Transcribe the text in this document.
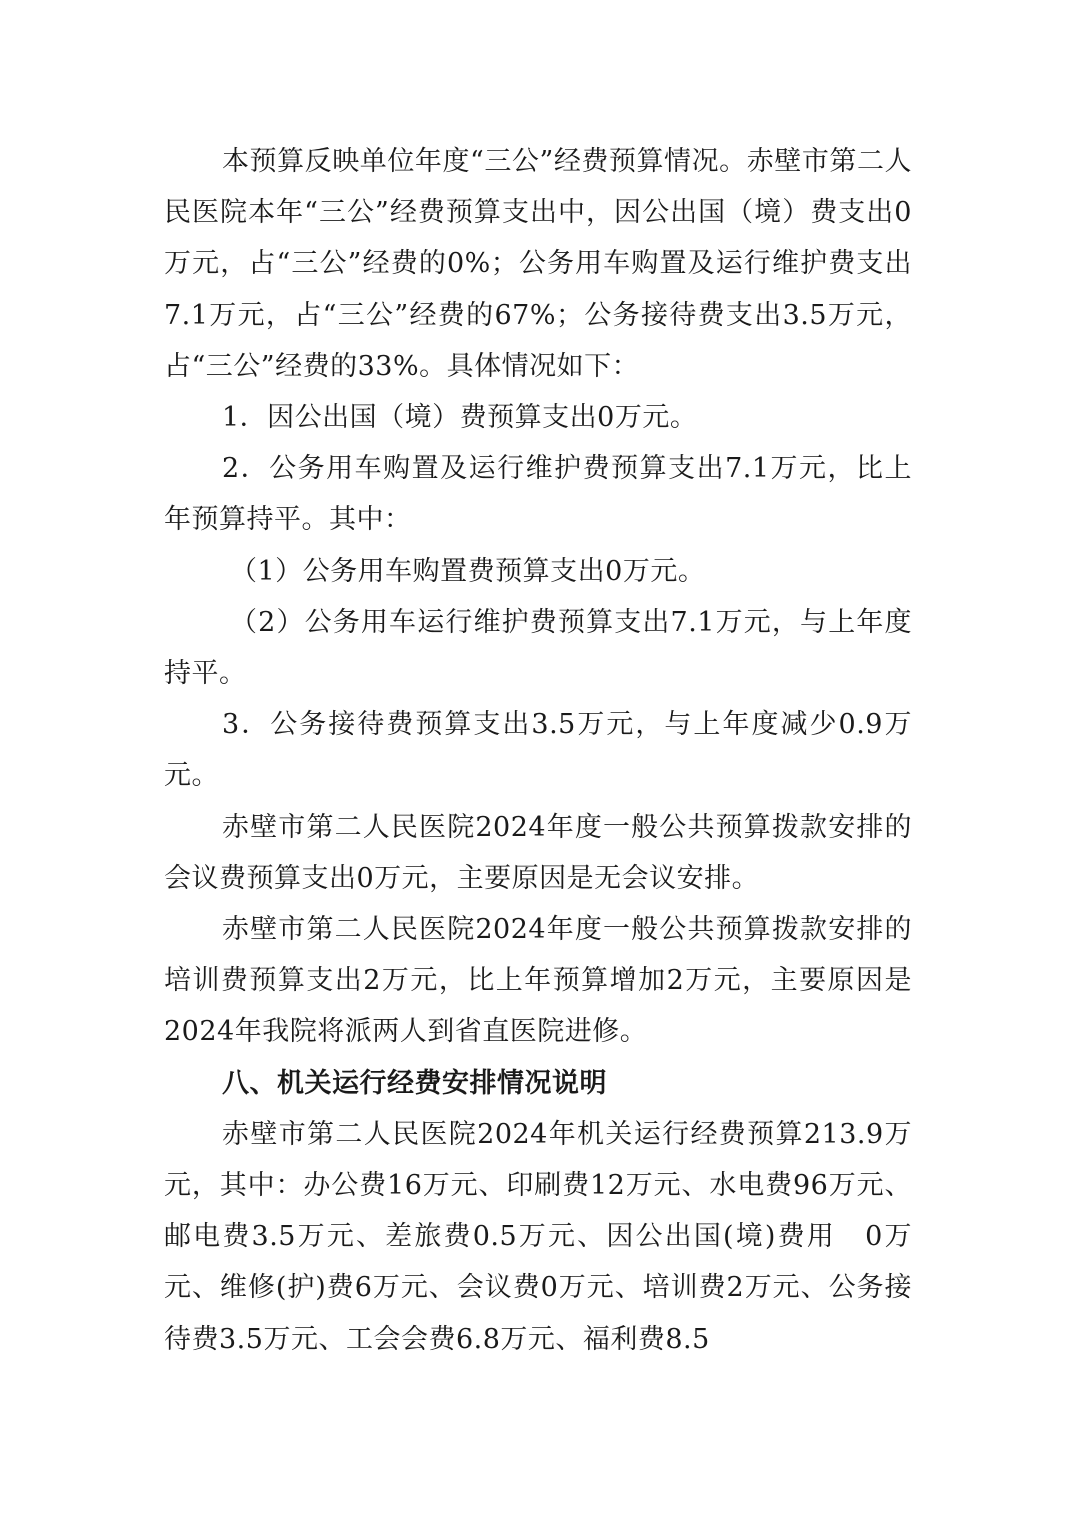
本预算反映单位年度“三公”经费预算情况。赤壁市第二人民医院本年“三公”经费预算支出中，因公出国（境）费支出0万元，占“三公”经费的0%；公务用车购置及运行维护费支出7.1万元，占“三公”经费的67%；公务接待费支出3.5万元，占“三公”经费的33%。具体情况如下：

1．因公出国（境）费预算支出0万元。

2．公务用车购置及运行维护费预算支出7.1万元，比上年预算持平。其中：

（1）公务用车购置费预算支出0万元。

（2）公务用车运行维护费预算支出7.1万元，与上年度持平。

3．公务接待费预算支出3.5万元，与上年度减少0.9万元。

赤壁市第二人民医院2024年度一般公共预算拨款安排的会议费预算支出0万元，主要原因是无会议安排。

赤壁市第二人民医院2024年度一般公共预算拨款安排的培训费预算支出2万元，比上年预算增加2万元，主要原因是2024年我院将派两人到省直医院进修。

八、机关运行经费安排情况说明

赤壁市第二人民医院2024年机关运行经费预算213.9万元，其中：办公费16万元、印刷费12万元、水电费96万元、邮电费3.5万元、差旅费0.5万元、因公出国(境)费用　0万元、维修(护)费6万元、会议费0万元、培训费2万元、公务接待费3.5万元、工会会费6.8万元、福利费8.5
